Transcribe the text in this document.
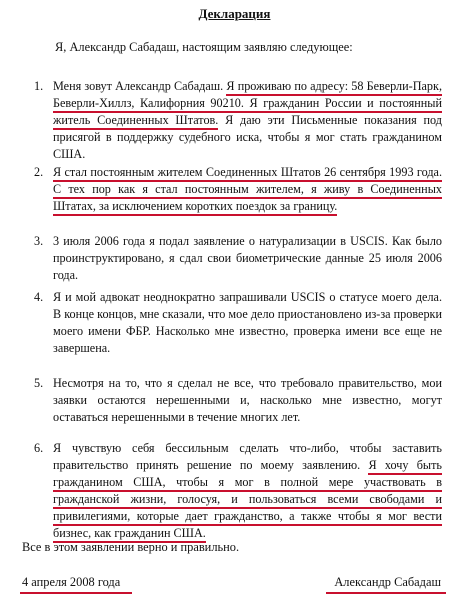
Декларация
Я, Александр Сабадаш, настоящим заявляю следующее:
1. Меня зовут Александр Сабадаш. Я проживаю по адресу: 58 Беверли-Парк, Беверли-Хиллз, Калифорния 90210. Я гражданин России и постоянный житель Соединенных Штатов. Я даю эти Письменные показания под присягой в поддержку судебного иска, чтобы я мог стать гражданином США.
2. Я стал постоянным жителем Соединенных Штатов 26 сентября 1993 года. С тех пор как я стал постоянным жителем, я живу в Соединенных Штатах, за исключением коротких поездок за границу.
3. 3 июля 2006 года я подал заявление о натурализации в USCIS. Как было проинструктировано, я сдал свои биометрические данные 25 июля 2006 года.
4. Я и мой адвокат неоднократно запрашивали USCIS о статусе моего дела. В конце концов, мне сказали, что мое дело приостановлено из-за проверки моего имени ФБР. Насколько мне известно, проверка имени все еще не завершена.
5. Несмотря на то, что я сделал не все, что требовало правительство, мои заявки остаются нерешенными и, насколько мне известно, могут оставаться нерешенными в течение многих лет.
6. Я чувствую себя бессильным сделать что-либо, чтобы заставить правительство принять решение по моему заявлению. Я хочу быть гражданином США, чтобы я мог в полной мере участвовать в гражданской жизни, голосуя, и пользоваться всеми свободами и привилегиями, которые дает гражданство, а также чтобы я мог вести бизнес, как гражданин США.
Все в этом заявлении верно и правильно.
4 апреля 2008 года	Александр Сабадаш
